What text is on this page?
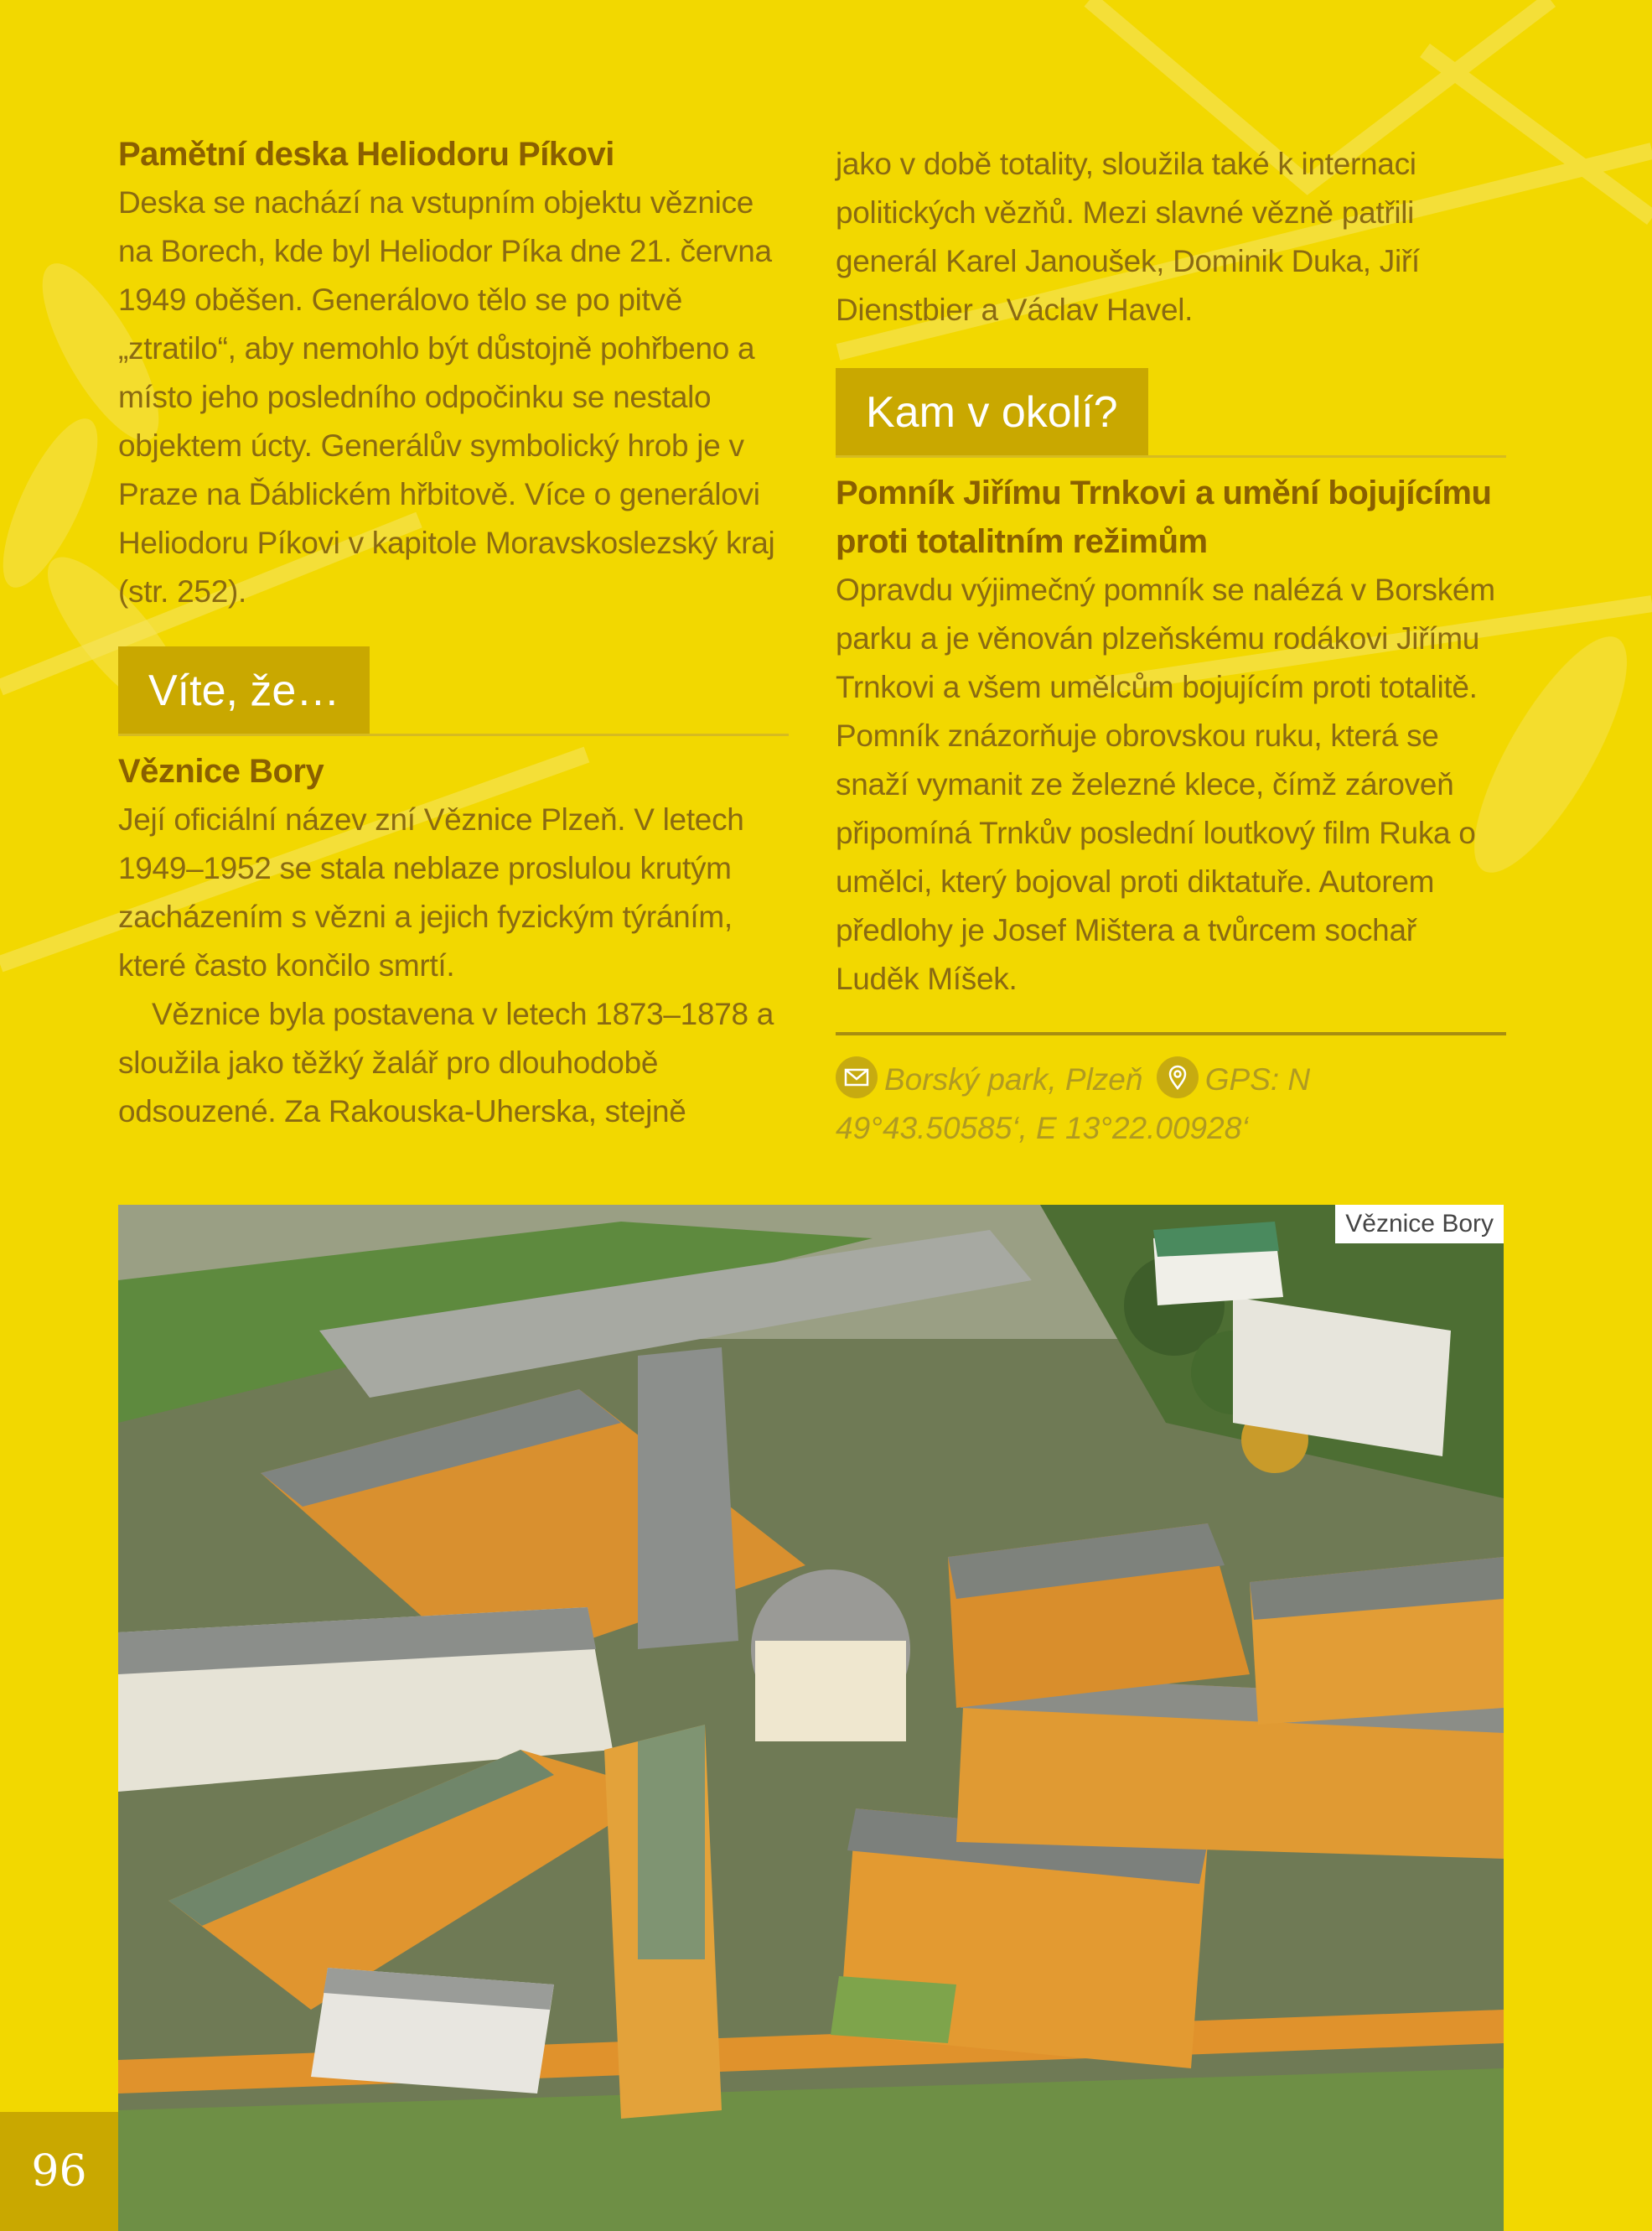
Pamětní deska Heliodoru Píkovi

Deska se nachází na vstupním objektu věznice na Borech, kde byl Heliodor Píka dne 21. června 1949 oběšen. Generálovo tělo se po pitvě „ztratilo“, aby nemohlo být důstojně pohřbeno a místo jeho posledního odpočinku se nestalo objektem úcty. Generálův symbolický hrob je v Praze na Ďáblickém hřbitově. Více o generálovi Heliodoru Píkovi v kapitole Moravskoslezský kraj (str. 252).

Víte, že…
Věznice Bory

Její oficiální název zní Věznice Plzeň. V letech 1949–1952 se stala neblaze proslulou krutým zacházením s vězni a jejich fyzickým týráním, které často končilo smrtí.

Věznice byla postavena v letech 1873–1878 a sloužila jako těžký žalář pro dlouhodobě odsouzené. Za Rakouska-Uherska, stejně

jako v době totality, sloužila také k internaci politických vězňů. Mezi slavné vězně patřili generál Karel Janoušek, Dominik Duka, Jiří Dienstbier a Václav Havel.

Kam v okolí?
Pomník Jiřímu Trnkovi a umění bojujícímu proti totalitním režimům

Opravdu výjimečný pomník se nalézá v Borském parku a je věnován plzeňskému rodákovi Jiřímu Trnkovi a všem umělcům bojujícím proti totalitě. Pomník znázorňuje obrovskou ruku, která se snaží vymanit ze železné klece, čímž zároveň připomíná Trnkův poslední loutkový film Ruka o umělci, který bojoval proti diktatuře. Autorem předlohy je Josef Mištera a tvůrcem sochař Luděk Míšek.

Borský park, Plzeň GPS: N 49°43.50585‘, E 13°22.00928‘

Věznice Bory
96
